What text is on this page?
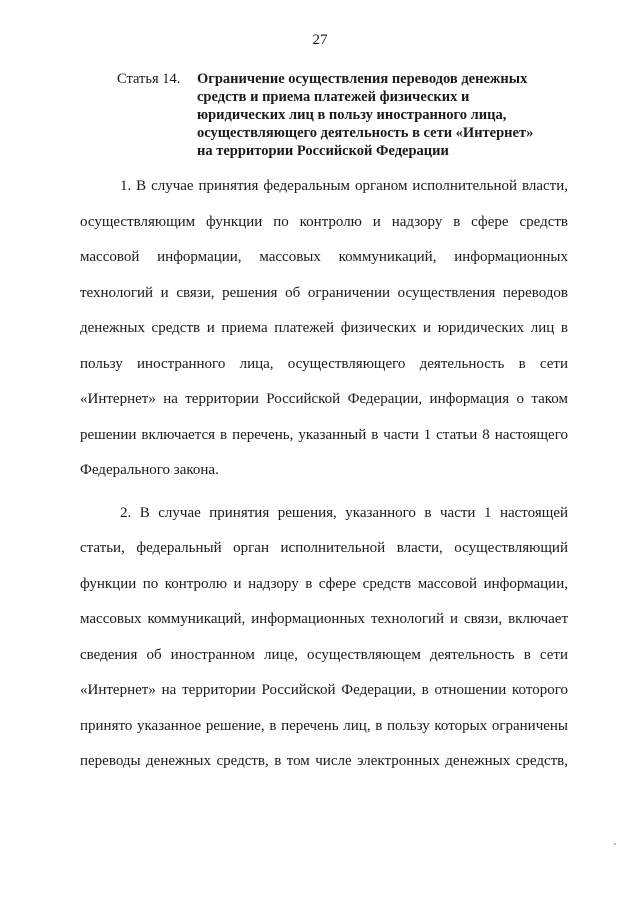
27
Статья 14. Ограничение осуществления переводов денежных
средств и приема платежей физических и
юридических лиц в пользу иностранного лица,
осуществляющего деятельность в сети «Интернет»
на территории Российской Федерации
1. В случае принятия федеральным органом исполнительной власти,
осуществляющим функции по контролю и надзору в сфере средств
массовой информации, массовых коммуникаций, информационных
технологий и связи, решения об ограничении осуществления переводов
денежных средств и приема платежей физических и юридических лиц в
пользу иностранного лица, осуществляющего деятельность в сети
«Интернет» на территории Российской Федерации, информация о таком
решении включается в перечень, указанный в части 1 статьи 8 настоящего
Федерального закона.
2. В случае принятия решения, указанного в части 1 настоящей
статьи, федеральный орган исполнительной власти, осуществляющий
функции по контролю и надзору в сфере средств массовой информации,
массовых коммуникаций, информационных технологий и связи, включает
сведения об иностранном лице, осуществляющем деятельность в сети
«Интернет» на территории Российской Федерации, в отношении которого
принято указанное решение, в перечень лиц, в пользу которых ограничены
переводы денежных средств, в том числе электронных денежных средств,
